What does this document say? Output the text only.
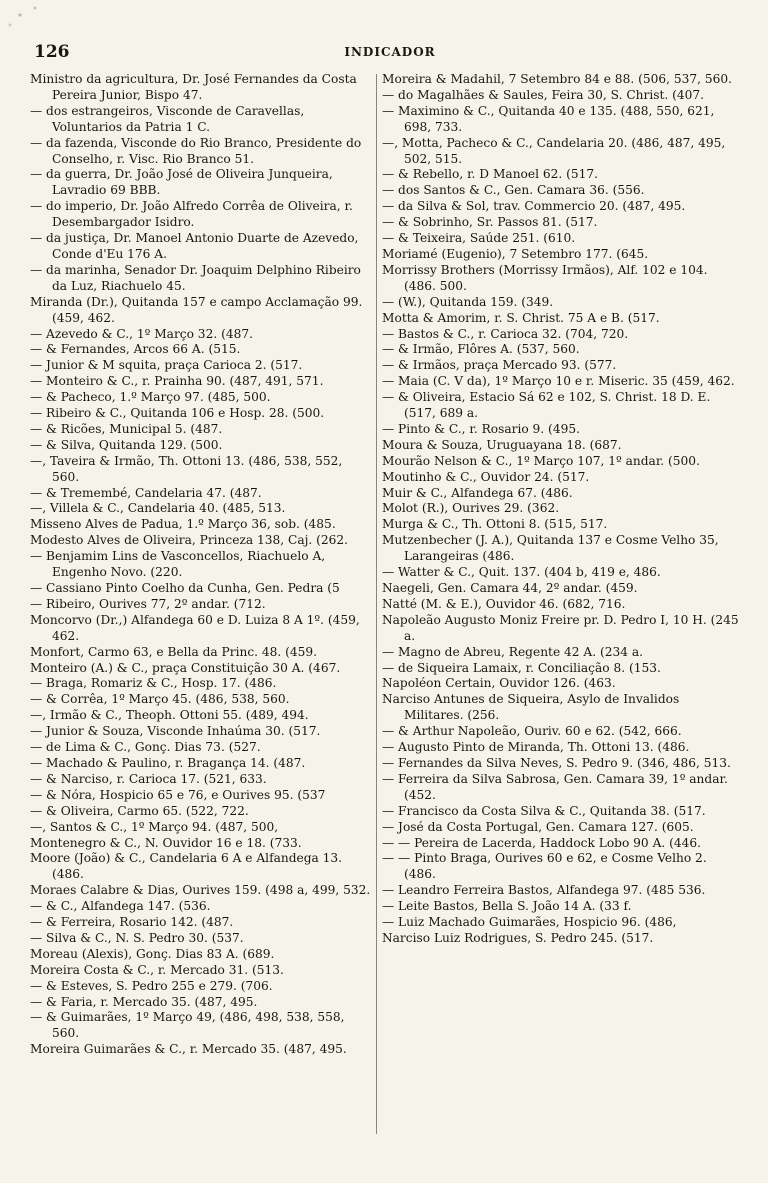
126	INDICADOR

Ministro da agricultura, Dr. José Fernandes da Costa Pereira Junior, Bispo 47.

— dos estrangeiros, Visconde de Caravellas, Voluntarios da Patria 1 C.

— da fazenda, Visconde do Rio Branco, Presidente do Conselho, r. Visc. Rio Branco 51.

— da guerra, Dr. João José de Oliveira Junqueira, Lavradio 69 BBB.

— do imperio, Dr. João Alfredo Corrêa de Oliveira, r. Desembargador Isidro.

— da justiça, Dr. Manoel Antonio Duarte de Azevedo, Conde d'Eu 176 A.

— da marinha, Senador Dr. Joaquim Delphino Ribeiro da Luz, Riachuelo 45.

Miranda (Dr.), Quitanda 157 e campo Acclamação 99. (459, 462.

— Azevedo & C., 1º Março 32. (487.

— & Fernandes, Arcos 66 A. (515.

— Junior & M squita, praça Carioca 2. (517.

— Monteiro & C., r. Prainha 90. (487, 491, 571.

— & Pacheco, 1.º Março 97. (485, 500.

— Ribeiro & C., Quitanda 106 e Hosp. 28. (500.

— & Ricões, Municipal 5. (487.

— & Silva, Quitanda 129. (500.

—, Taveira & Irmão, Th. Ottoni 13. (486, 538, 552, 560.

— & Tremembé, Candelaria 47. (487.

—, Villela & C., Candelaria 40. (485, 513.

Misseno Alves de Padua, 1.º Março 36, sob. (485.

Modesto Alves de Oliveira, Princeza 138, Caj. (262.

— Benjamim Lins de Vasconcellos, Riachuelo A, Engenho Novo. (220.

— Cassiano Pinto Coelho da Cunha, Gen. Pedra (5

— Ribeiro, Ourives 77, 2º andar. (712.

Moncorvo (Dr.,) Alfandega 60 e D. Luiza 8 A 1º. (459, 462.

Monfort, Carmo 63, e Bella da Princ. 48. (459.

Monteiro (A.) & C., praça Constituição 30 A. (467.

— Braga, Romariz & C., Hosp. 17. (486.

— & Corrêa, 1º Março 45. (486, 538, 560.

—, Irmão & C., Theoph. Ottoni 55. (489, 494.

— Junior & Souza, Visconde Inhaúma 30. (517.

— de Lima & C., Gonç. Dias 73. (527.

— Machado & Paulino, r. Bragança 14. (487.

— & Narciso, r. Carioca 17. (521, 633.

— & Nóra, Hospicio 65 e 76, e Ourives 95. (537

— & Oliveira, Carmo 65. (522, 722.

—, Santos & C., 1º Março 94. (487, 500,

Montenegro & C., N. Ouvidor 16 e 18. (733.

Moore (João) & C., Candelaria 6 A e Alfandega 13. (486.

Moraes Calabre & Dias, Ourives 159. (498 a, 499, 532.

— & C., Alfandega 147. (536.

— & Ferreira, Rosario 142. (487.

— Silva & C., N. S. Pedro 30. (537.

Moreau (Alexis), Gonç. Dias 83 A. (689.

Moreira Costa & C., r. Mercado 31. (513.

— & Esteves, S. Pedro 255 e 279. (706.

— & Faria, r. Mercado 35. (487, 495.

— & Guimarães, 1º Março 49, (486, 498, 538, 558, 560.

Moreira Guimarães & C., r. Mercado 35. (487, 495.

Moreira & Madahil, 7 Setembro 84 e 88. (506, 537, 560.

— do Magalhães & Saules, Feira 30, S. Christ. (407.

— Maximino & C., Quitanda 40 e 135. (488, 550, 621, 698, 733.

—, Motta, Pacheco & C., Candelaria 20. (486, 487, 495, 502, 515.

— & Rebello, r. D Manoel 62. (517.

— dos Santos & C., Gen. Camara 36. (556.

— da Silva & Sol, trav. Commercio 20. (487, 495.

— & Sobrinho, Sr. Passos 81. (517.

— & Teixeira, Saúde 251. (610.

Moriamé (Eugenio), 7 Setembro 177. (645.

Morrissy Brothers (Morrissy Irmãos), Alf. 102 e 104. (486. 500.

— (W.), Quitanda 159. (349.

Motta & Amorim, r. S. Christ. 75 A e B. (517.

— Bastos & C., r. Carioca 32. (704, 720.

— & Irmão, Flôres A. (537, 560.

— & Irmãos, praça Mercado 93. (577.

— Maia (C. V da), 1º Março 10 e r. Miseric. 35 (459, 462.

— & Oliveira, Estacio Sá 62 e 102, S. Christ. 18 D. E. (517, 689 a.

— Pinto & C., r. Rosario 9. (495.

Moura & Souza, Uruguayana 18. (687.

Mourão Nelson & C., 1º Março 107, 1º andar. (500.

Moutinho & C., Ouvidor 24. (517.

Muir & C., Alfandega 67. (486.

Molot (R.), Ourives 29. (362.

Murga & C., Th. Ottoni 8. (515, 517.

Mutzenbecher (J. A.), Quitanda 137 e Cosme Velho 35, Larangeiras (486.

— Watter & C., Quit. 137. (404 b, 419 e, 486.

Naegeli, Gen. Camara 44, 2º andar. (459.

Natté (M. & E.), Ouvidor 46. (682, 716.

Napoleão Augusto Moniz Freire pr. D. Pedro I, 10 H. (245 a.

— Magno de Abreu, Regente 42 A. (234 a.

— de Siqueira Lamaix, r. Conciliação 8. (153.

Napoléon Certain, Ouvidor 126. (463.

Narciso Antunes de Siqueira, Asylo de Invalidos Militares. (256.

— & Arthur Napoleão, Ouriv. 60 e 62. (542, 666.

— Augusto Pinto de Miranda, Th. Ottoni 13. (486.

— Fernandes da Silva Neves, S. Pedro 9. (346, 486, 513.

— Ferreira da Silva Sabrosa, Gen. Camara 39, 1º andar. (452.

— Francisco da Costa Silva & C., Quitanda 38. (517.

— José da Costa Portugal, Gen. Camara 127. (605.

— — Pereira de Lacerda, Haddock Lobo 90 A. (446.

— — Pinto Braga, Ourives 60 e 62, e Cosme Velho 2. (486.

— Leandro Ferreira Bastos, Alfandega 97. (485 536.

— Leite Bastos, Bella S. João 14 A. (33 f.

— Luiz Machado Guimarães, Hospicio 96. (486,

Narciso Luiz Rodrigues, S. Pedro 245. (517.
